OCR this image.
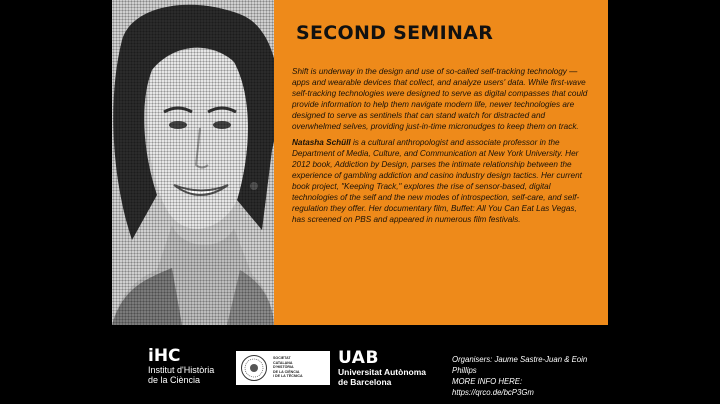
SECOND SEMINAR

Shift is underway in the design and use of so-called self-tracking technology — apps and wearable devices that collect, and analyze users' data. While first-wave self-tracking technologies were designed to serve as digital compasses that could provide information to help them navigate modern life, newer technologies are designed to serve as sentinels that can stand watch for distracted and overwhelmed selves, providing just-in-time micronudges to keep them on track.

Natasha Schüll is a cultural anthropologist and associate professor in the Department of Media, Culture, and Communication at New York University. Her 2012 book, Addiction by Design, parses the intimate relationship between the experience of gambling addiction and casino industry design tactics. Her current book project, "Keeping Track," explores the rise of sensor-based, digital technologies of the self and the new modes of introspection, self-care, and self-regulation they offer. Her documentary film, Buffet: All You Can Eat Las Vegas, has screened on PBS and appeared in numerous film festivals.

iHC
Institut d'Història
de la Ciència
SOCIETAT
CATALANA
D'HISTÒRIA
DE LA CIÈNCIA
I DE LA TÈCNICA
UAB
Universitat Autònoma
de Barcelona
Organisers: Jaume Sastre-Juan & Eoin Phillips
MORE INFO HERE:
https://qrco.de/bcP3Gm
